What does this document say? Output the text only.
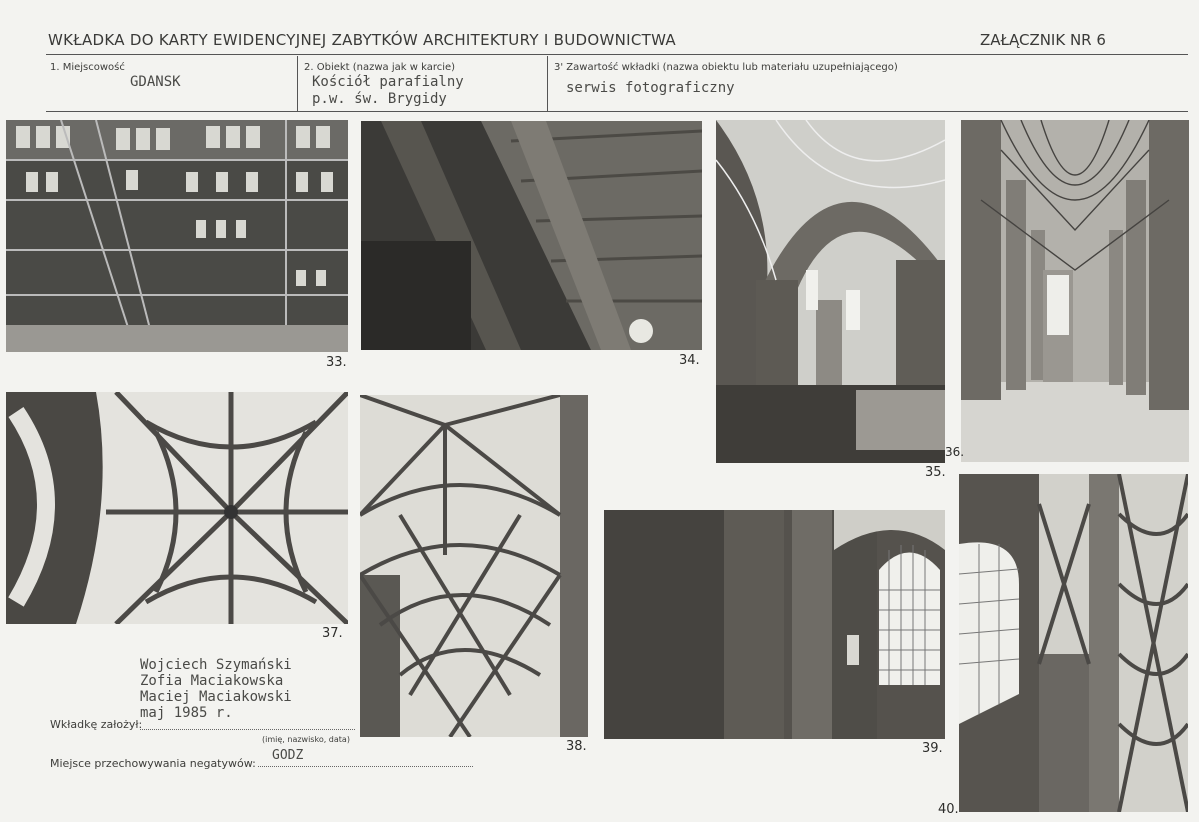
WKŁADKA DO KARTY EWIDENCYJNEJ ZABYTKÓW ARCHITEKTURY I BUDOWNICTWA	ZAŁĄCZNIK NR 6
1. Miejscowość
GDANSK
2. Obiekt (nazwa jak w karcie)
Kościół parafialny
p.w. św. Brygidy
3' Zawartość wkładki (nazwa obiektu lub materiału uzupełniającego)
serwis fotograficzny
33.	34.
35.
36.
37.
38.	39.
40.
Wojciech Szymański
Zofia Maciakowska
Maciej Maciakowski
maj 1985 r.
Wkładkę założył:
(imię, nazwisko, data)
Miejsce przechowywania negatywów:
GODZ
